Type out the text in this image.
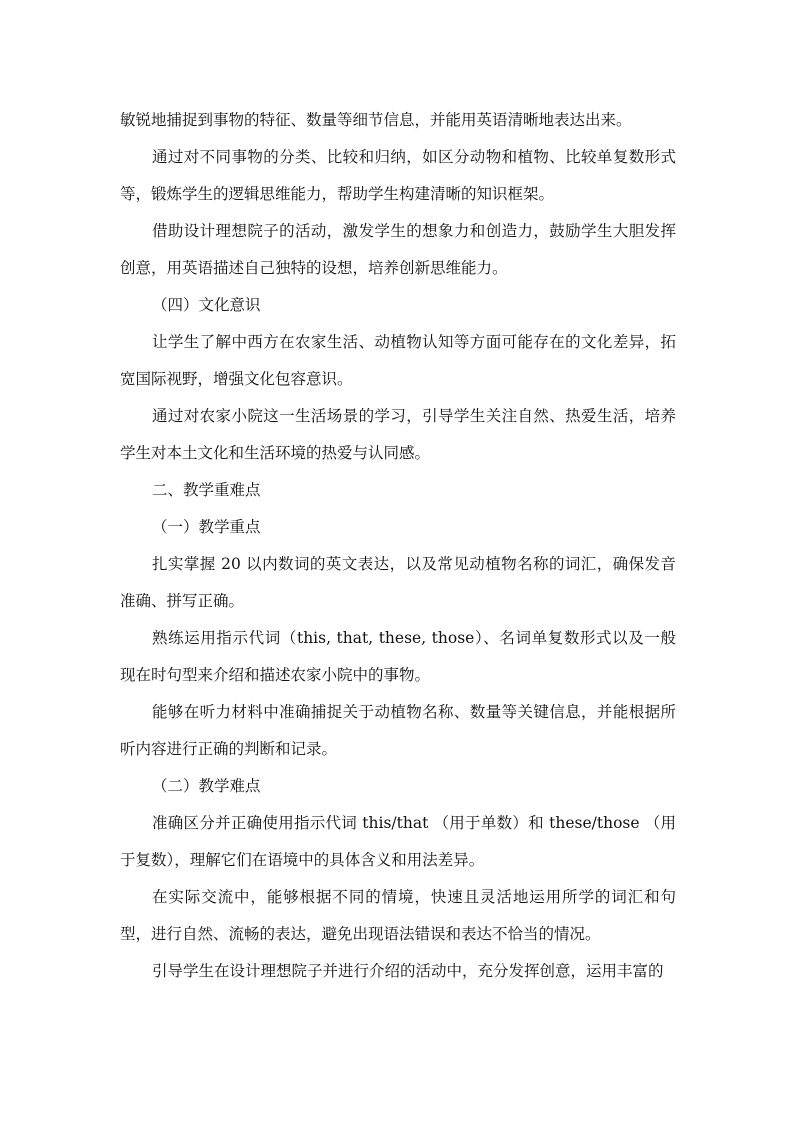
敏锐地捕捉到事物的特征、数量等细节信息，并能用英语清晰地表达出来。

通过对不同事物的分类、比较和归纳，如区分动物和植物、比较单复数形式等，锻炼学生的逻辑思维能力，帮助学生构建清晰的知识框架。

借助设计理想院子的活动，激发学生的想象力和创造力，鼓励学生大胆发挥创意，用英语描述自己独特的设想，培养创新思维能力。

（四）文化意识

让学生了解中西方在农家生活、动植物认知等方面可能存在的文化差异，拓宽国际视野，增强文化包容意识。

通过对农家小院这一生活场景的学习，引导学生关注自然、热爱生活，培养学生对本土文化和生活环境的热爱与认同感。

二、教学重难点

（一）教学重点

扎实掌握 20 以内数词的英文表达，以及常见动植物名称的词汇，确保发音准确、拼写正确。

熟练运用指示代词（this, that, these, those）、名词单复数形式以及一般现在时句型来介绍和描述农家小院中的事物。

能够在听力材料中准确捕捉关于动植物名称、数量等关键信息，并能根据所听内容进行正确的判断和记录。

（二）教学难点

准确区分并正确使用指示代词 this/that （用于单数）和 these/those （用于复数），理解它们在语境中的具体含义和用法差异。

在实际交流中，能够根据不同的情境，快速且灵活地运用所学的词汇和句型，进行自然、流畅的表达，避免出现语法错误和表达不恰当的情况。

引导学生在设计理想院子并进行介绍的活动中，充分发挥创意，运用丰富的
